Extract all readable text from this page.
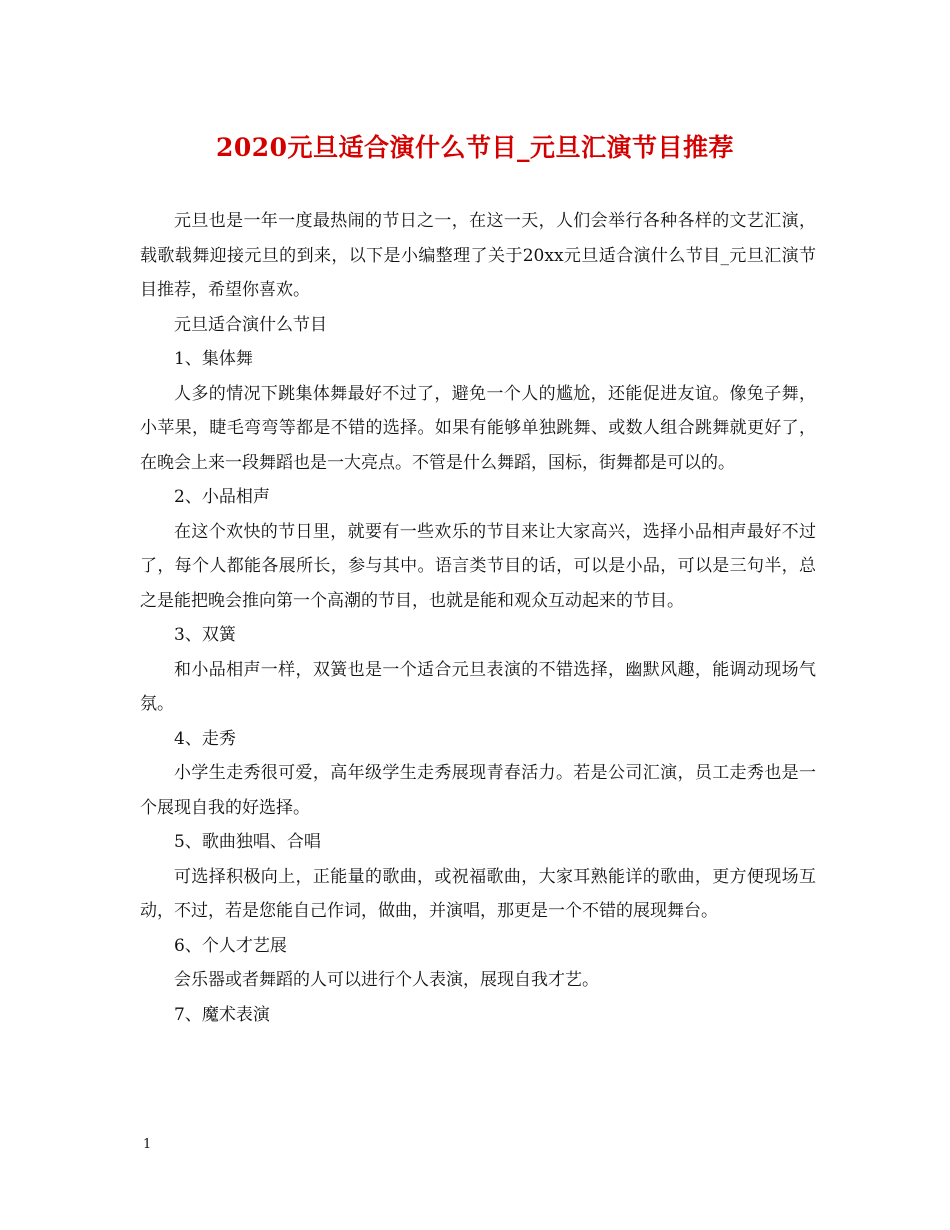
2020元旦适合演什么节目_元旦汇演节目推荐

元旦也是一年一度最热闹的节日之一，在这一天，人们会举行各种各样的文艺汇演，载歌载舞迎接元旦的到来，以下是小编整理了关于20xx元旦适合演什么节目_元旦汇演节目推荐，希望你喜欢。

元旦适合演什么节目

1、集体舞

人多的情况下跳集体舞最好不过了，避免一个人的尴尬，还能促进友谊。像兔子舞，小苹果，睫毛弯弯等都是不错的选择。如果有能够单独跳舞、或数人组合跳舞就更好了，在晚会上来一段舞蹈也是一大亮点。不管是什么舞蹈，国标，街舞都是可以的。

2、小品相声

在这个欢快的节日里，就要有一些欢乐的节目来让大家高兴，选择小品相声最好不过了，每个人都能各展所长，参与其中。语言类节目的话，可以是小品，可以是三句半，总之是能把晚会推向第一个高潮的节目，也就是能和观众互动起来的节目。

3、双簧

和小品相声一样，双簧也是一个适合元旦表演的不错选择，幽默风趣，能调动现场气氛。

4、走秀

小学生走秀很可爱，高年级学生走秀展现青春活力。若是公司汇演，员工走秀也是一个展现自我的好选择。

5、歌曲独唱、合唱

可选择积极向上，正能量的歌曲，或祝福歌曲，大家耳熟能详的歌曲，更方便现场互动，不过，若是您能自己作词，做曲，并演唱，那更是一个不错的展现舞台。

6、个人才艺展

会乐器或者舞蹈的人可以进行个人表演，展现自我才艺。

7、魔术表演

1
